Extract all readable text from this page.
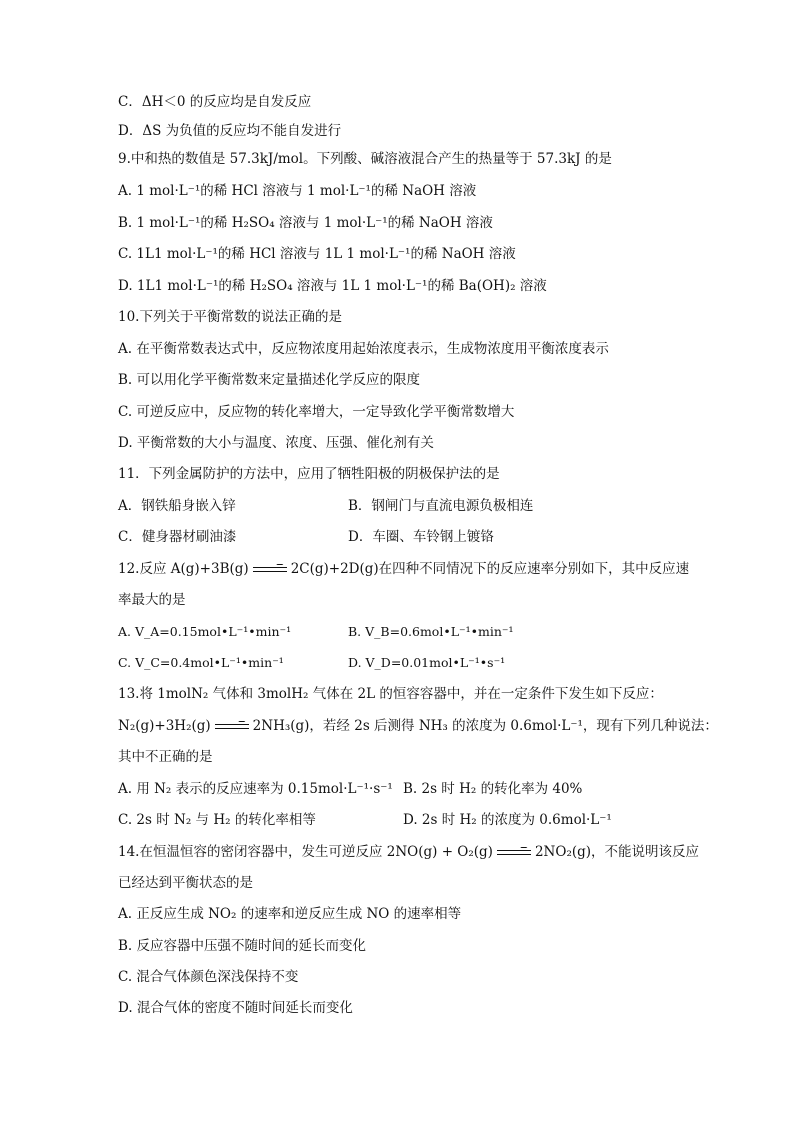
C．ΔH＜0 的反应均是自发反应
D．ΔS 为负值的反应均不能自发进行
9.中和热的数值是 57.3kJ/mol。下列酸、碱溶液混合产生的热量等于 57.3kJ 的是
A. 1 mol·L⁻¹的稀 HCl 溶液与 1 mol·L⁻¹的稀 NaOH 溶液
B. 1 mol·L⁻¹的稀 H₂SO₄ 溶液与 1 mol·L⁻¹的稀 NaOH 溶液
C. 1L1 mol·L⁻¹的稀 HCl 溶液与 1L 1 mol·L⁻¹的稀 NaOH 溶液
D. 1L1 mol·L⁻¹的稀 H₂SO₄ 溶液与 1L 1 mol·L⁻¹的稀 Ba(OH)₂ 溶液
10.下列关于平衡常数的说法正确的是
A. 在平衡常数表达式中，反应物浓度用起始浓度表示，生成物浓度用平衡浓度表示
B. 可以用化学平衡常数来定量描述化学反应的限度
C. 可逆反应中，反应物的转化率增大，一定导致化学平衡常数增大
D. 平衡常数的大小与温度、浓度、压强、催化剂有关
11．下列金属防护的方法中，应用了牺牲阳极的阴极保护法的是
A．钢铁船身嵌入锌	B．钢闸门与直流电源负极相连
C．健身器材刷油漆	D．车圈、车铃钢上镀铬
12.反应 A(g)+3B(g) → 2C(g)+2D(g)在四种不同情况下的反应速率分别如下，其中反应速
率最大的是
A. V_A=0.15mol•L⁻¹•min⁻¹	B. V_B=0.6mol•L⁻¹•min⁻¹
C. V_C=0.4mol•L⁻¹•min⁻¹	D. V_D=0.01mol•L⁻¹•s⁻¹
13.将 1molN₂ 气体和 3molH₂ 气体在 2L 的恒容容器中，并在一定条件下发生如下反应：
N₂(g)+3H₂(g) → 2NH₃(g)，若经 2s 后测得 NH₃ 的浓度为 0.6mol·L⁻¹，现有下列几种说法：
其中不正确的是
A. 用 N₂ 表示的反应速率为 0.15mol·L⁻¹·s⁻¹ B. 2s 时 H₂ 的转化率为 40%
C. 2s 时 N₂ 与 H₂ 的转化率相等	D. 2s 时 H₂ 的浓度为 0.6mol·L⁻¹
14.在恒温恒容的密闭容器中，发生可逆反应 2NO(g) + O₂(g) → 2NO₂(g)，不能说明该反应
已经达到平衡状态的是
A. 正反应生成 NO₂ 的速率和逆反应生成 NO 的速率相等
B. 反应容器中压强不随时间的延长而变化
C. 混合气体颜色深浅保持不变
D. 混合气体的密度不随时间延长而变化
